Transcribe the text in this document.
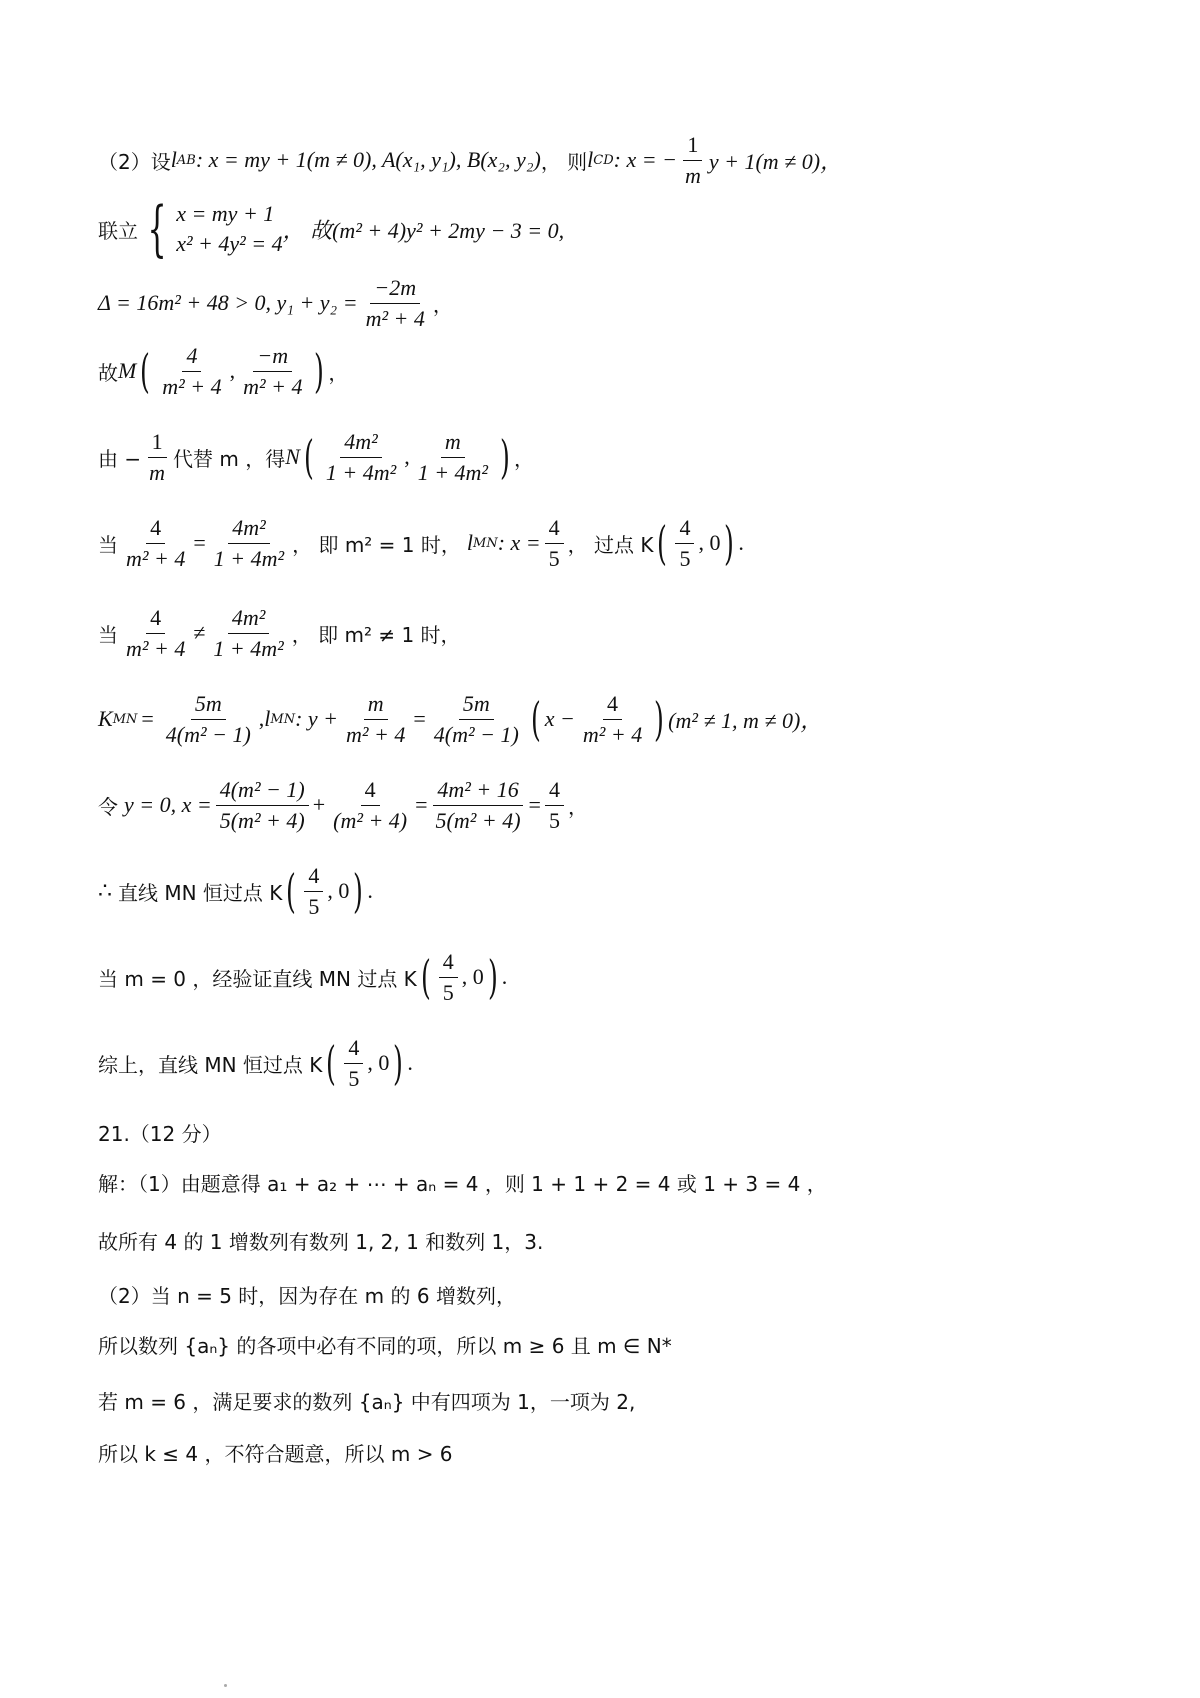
（2）设 l AB : x = my + 1(m ≠ 0), A(x₁, y₁), B(x₂, y₂) ， 则 l CD : x = − $\frac{1}{m}$ y + 1(m ≠ 0)，
联立 { x = my + 1
x² + 4y² = 4
， 故(m² + 4)y² + 2my − 3 = 0,
Δ = 16m² + 48 > 0, $y_1 + y_2 = \frac{-2m}{\text{m² + 4}}$ ，
故 M ( $\frac{4}{\text{m² + 4}}$ , $\frac{-m}{\text{m² + 4}}$ ) ，
由 − $\frac{1}{m}$ 代替 m ，得 N ( $\frac{\text{4m²}}{\text{1 + 4m²}}$ , $\frac{m}{\text{1 + 4m²}}$ ) ，
当 $\frac{4}{\text{m² + 4}} = \frac{\text{4m²}}{\text{1 + 4m²}}$ ， 即 m² = 1 时， l MN : $x = \frac{4}{5}$ ， 过点 K ( $\frac{4}{5}$ , 0 ) .
当 $\frac{4}{\text{m² + 4}} \ne \frac{\text{4m²}}{\text{1 + 4m²}}$ ， 即 m² ≠ 1 时，
K MN = $\frac{5m}{\text{4(m² − 1)}}$ , l MN : $y + \frac{m}{\text{m² + 4}} = \frac{5m}{\text{4(m² − 1)}}$ ( $x - \frac{4}{\text{m² + 4}}$ ) (m² ≠ 1, m ≠ 0)，
令 y = 0, $x = \frac{\text{4(m² − 1)}}{\text{5(m² + 4)}} + \frac{4}{\text{(m² + 4)}} = \frac{\text{4m² + 16}}{\text{5(m² + 4)}} = \frac{4}{5}$ ，
∴ 直线 MN 恒过点 K ( $\frac{4}{5}$ , 0 ) .
当 m = 0 ，经验证直线 MN 过点 K ( $\frac{4}{5}$ , 0 ) .
综上，直线 MN 恒过点 K ( $\frac{4}{5}$ , 0 ) .
21.（12 分）
解：（1）由题意得 a₁ + a₂ + ⋯ + aₙ = 4 ，则 1 + 1 + 2 = 4 或 1 + 3 = 4 ，
故所有 4 的 1 增数列有数列 1, 2, 1 和数列 1，3.
（2）当 n = 5 时，因为存在 m 的 6 增数列，
所以数列 {aₙ} 的各项中必有不同的项，所以 m ≥ 6 且 m ∈ N*
若 m = 6 ，满足要求的数列 {aₙ} 中有四项为 1，一项为 2,
所以 k ≤ 4 ，不符合题意，所以 m > 6
